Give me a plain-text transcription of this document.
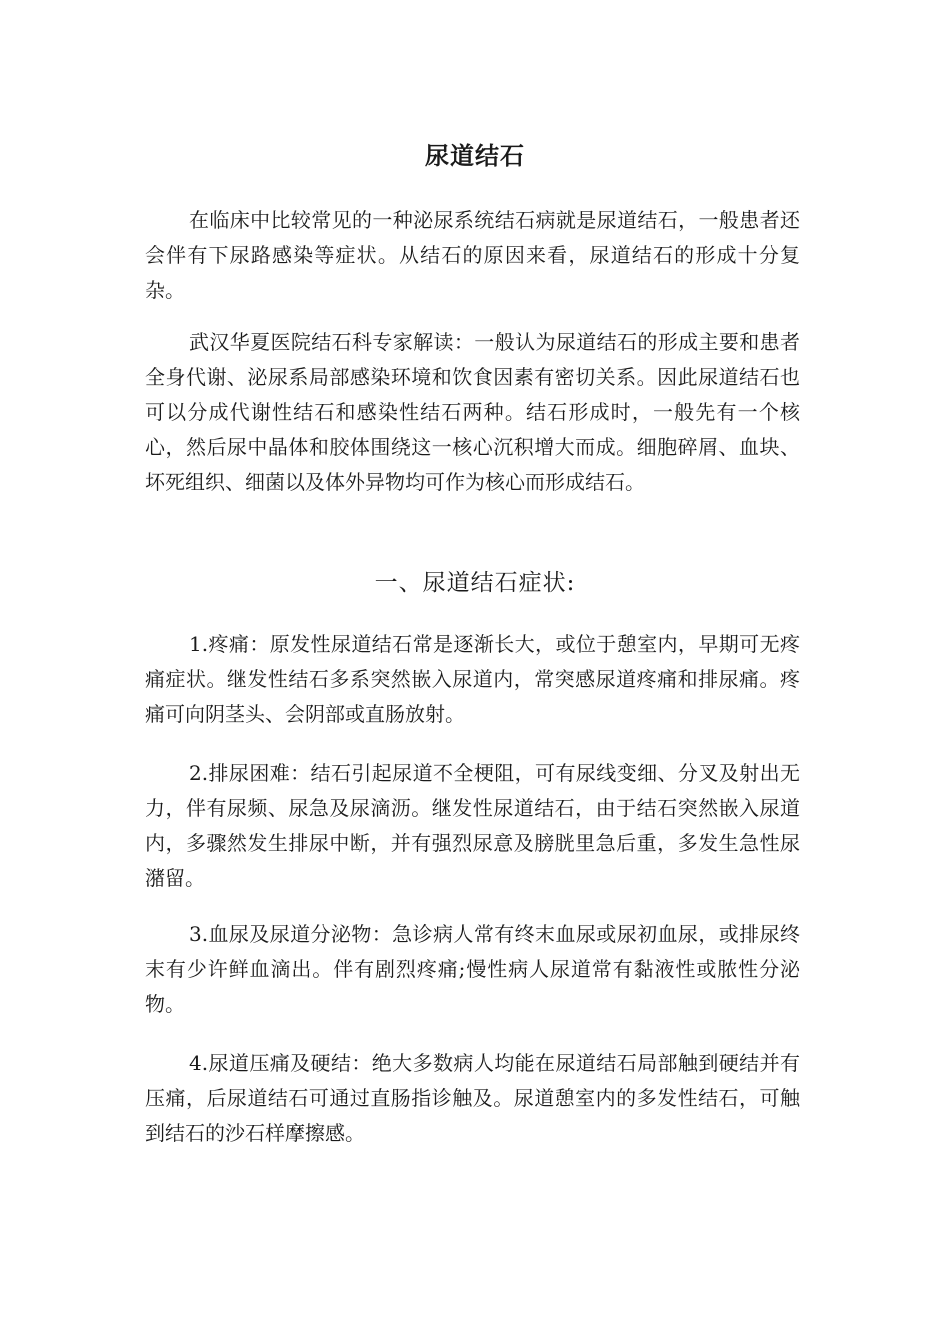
尿道结石

在临床中比较常见的一种泌尿系统结石病就是尿道结石，一般患者还会伴有下尿路感染等症状。从结石的原因来看，尿道结石的形成十分复杂。

武汉华夏医院结石科专家解读：一般认为尿道结石的形成主要和患者全身代谢、泌尿系局部感染环境和饮食因素有密切关系。因此尿道结石也可以分成代谢性结石和感染性结石两种。结石形成时，一般先有一个核心，然后尿中晶体和胶体围绕这一核心沉积增大而成。细胞碎屑、血块、坏死组织、细菌以及体外异物均可作为核心而形成结石。

一、尿道结石症状:

1.疼痛：原发性尿道结石常是逐渐长大，或位于憩室内，早期可无疼痛症状。继发性结石多系突然嵌入尿道内，常突感尿道疼痛和排尿痛。疼痛可向阴茎头、会阴部或直肠放射。

2.排尿困难：结石引起尿道不全梗阻，可有尿线变细、分叉及射出无力，伴有尿频、尿急及尿滴沥。继发性尿道结石，由于结石突然嵌入尿道内，多骤然发生排尿中断，并有强烈尿意及膀胱里急后重，多发生急性尿潴留。

3.血尿及尿道分泌物：急诊病人常有终末血尿或尿初血尿，或排尿终末有少许鲜血滴出。伴有剧烈疼痛;慢性病人尿道常有黏液性或脓性分泌物。

4.尿道压痛及硬结：绝大多数病人均能在尿道结石局部触到硬结并有压痛，后尿道结石可通过直肠指诊触及。尿道憩室内的多发性结石，可触到结石的沙石样摩擦感。
